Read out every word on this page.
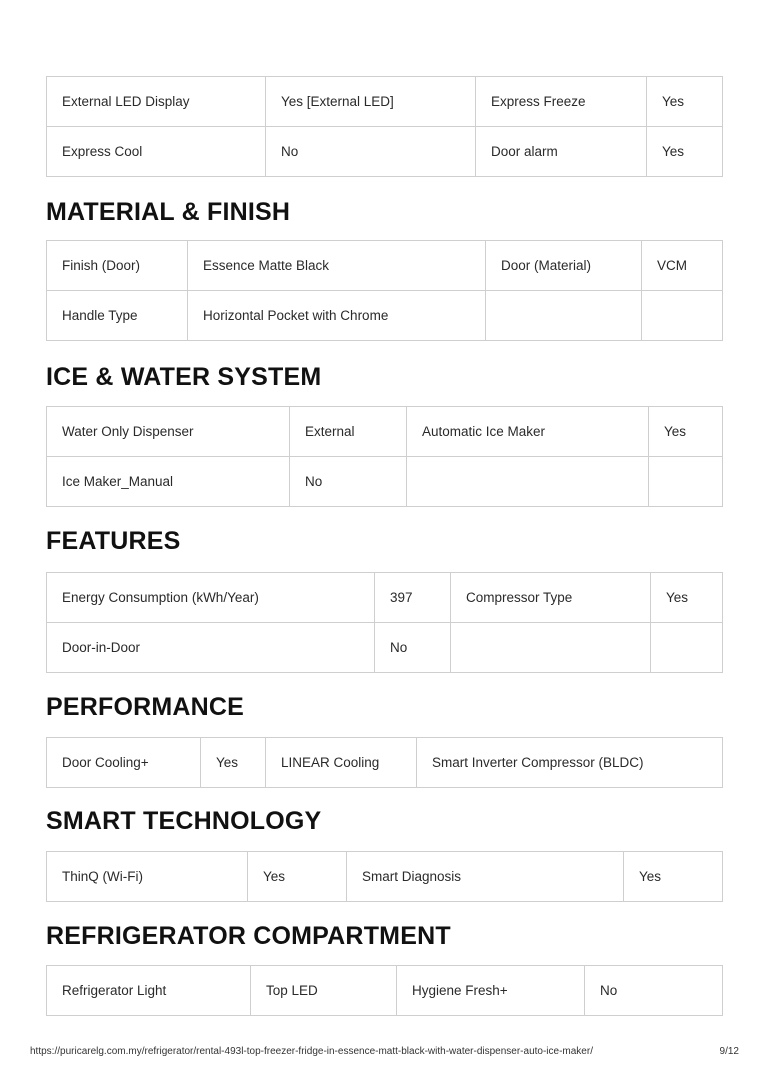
External LED Display	Yes [External LED]	Express Freeze	Yes
Express Cool	No	Door alarm	Yes
MATERIAL & FINISH
Finish (Door)	Essence Matte Black	Door (Material)	VCM
Handle Type	Horizontal Pocket with Chrome		
ICE & WATER SYSTEM
Water Only Dispenser	External	Automatic Ice Maker	Yes
Ice Maker_Manual	No		
FEATURES
Energy Consumption (kWh/Year)	397	Compressor Type	Yes
Door-in-Door	No		
PERFORMANCE
Door Cooling+	Yes	LINEAR Cooling	Smart Inverter Compressor (BLDC)
SMART TECHNOLOGY
ThinQ (Wi-Fi)	Yes	Smart Diagnosis	Yes
REFRIGERATOR COMPARTMENT
Refrigerator Light	Top LED	Hygiene Fresh+	No
https://puricarelg.com.my/refrigerator/rental-493l-top-freezer-fridge-in-essence-matt-black-with-water-dispenser-auto-ice-maker/	9/12
